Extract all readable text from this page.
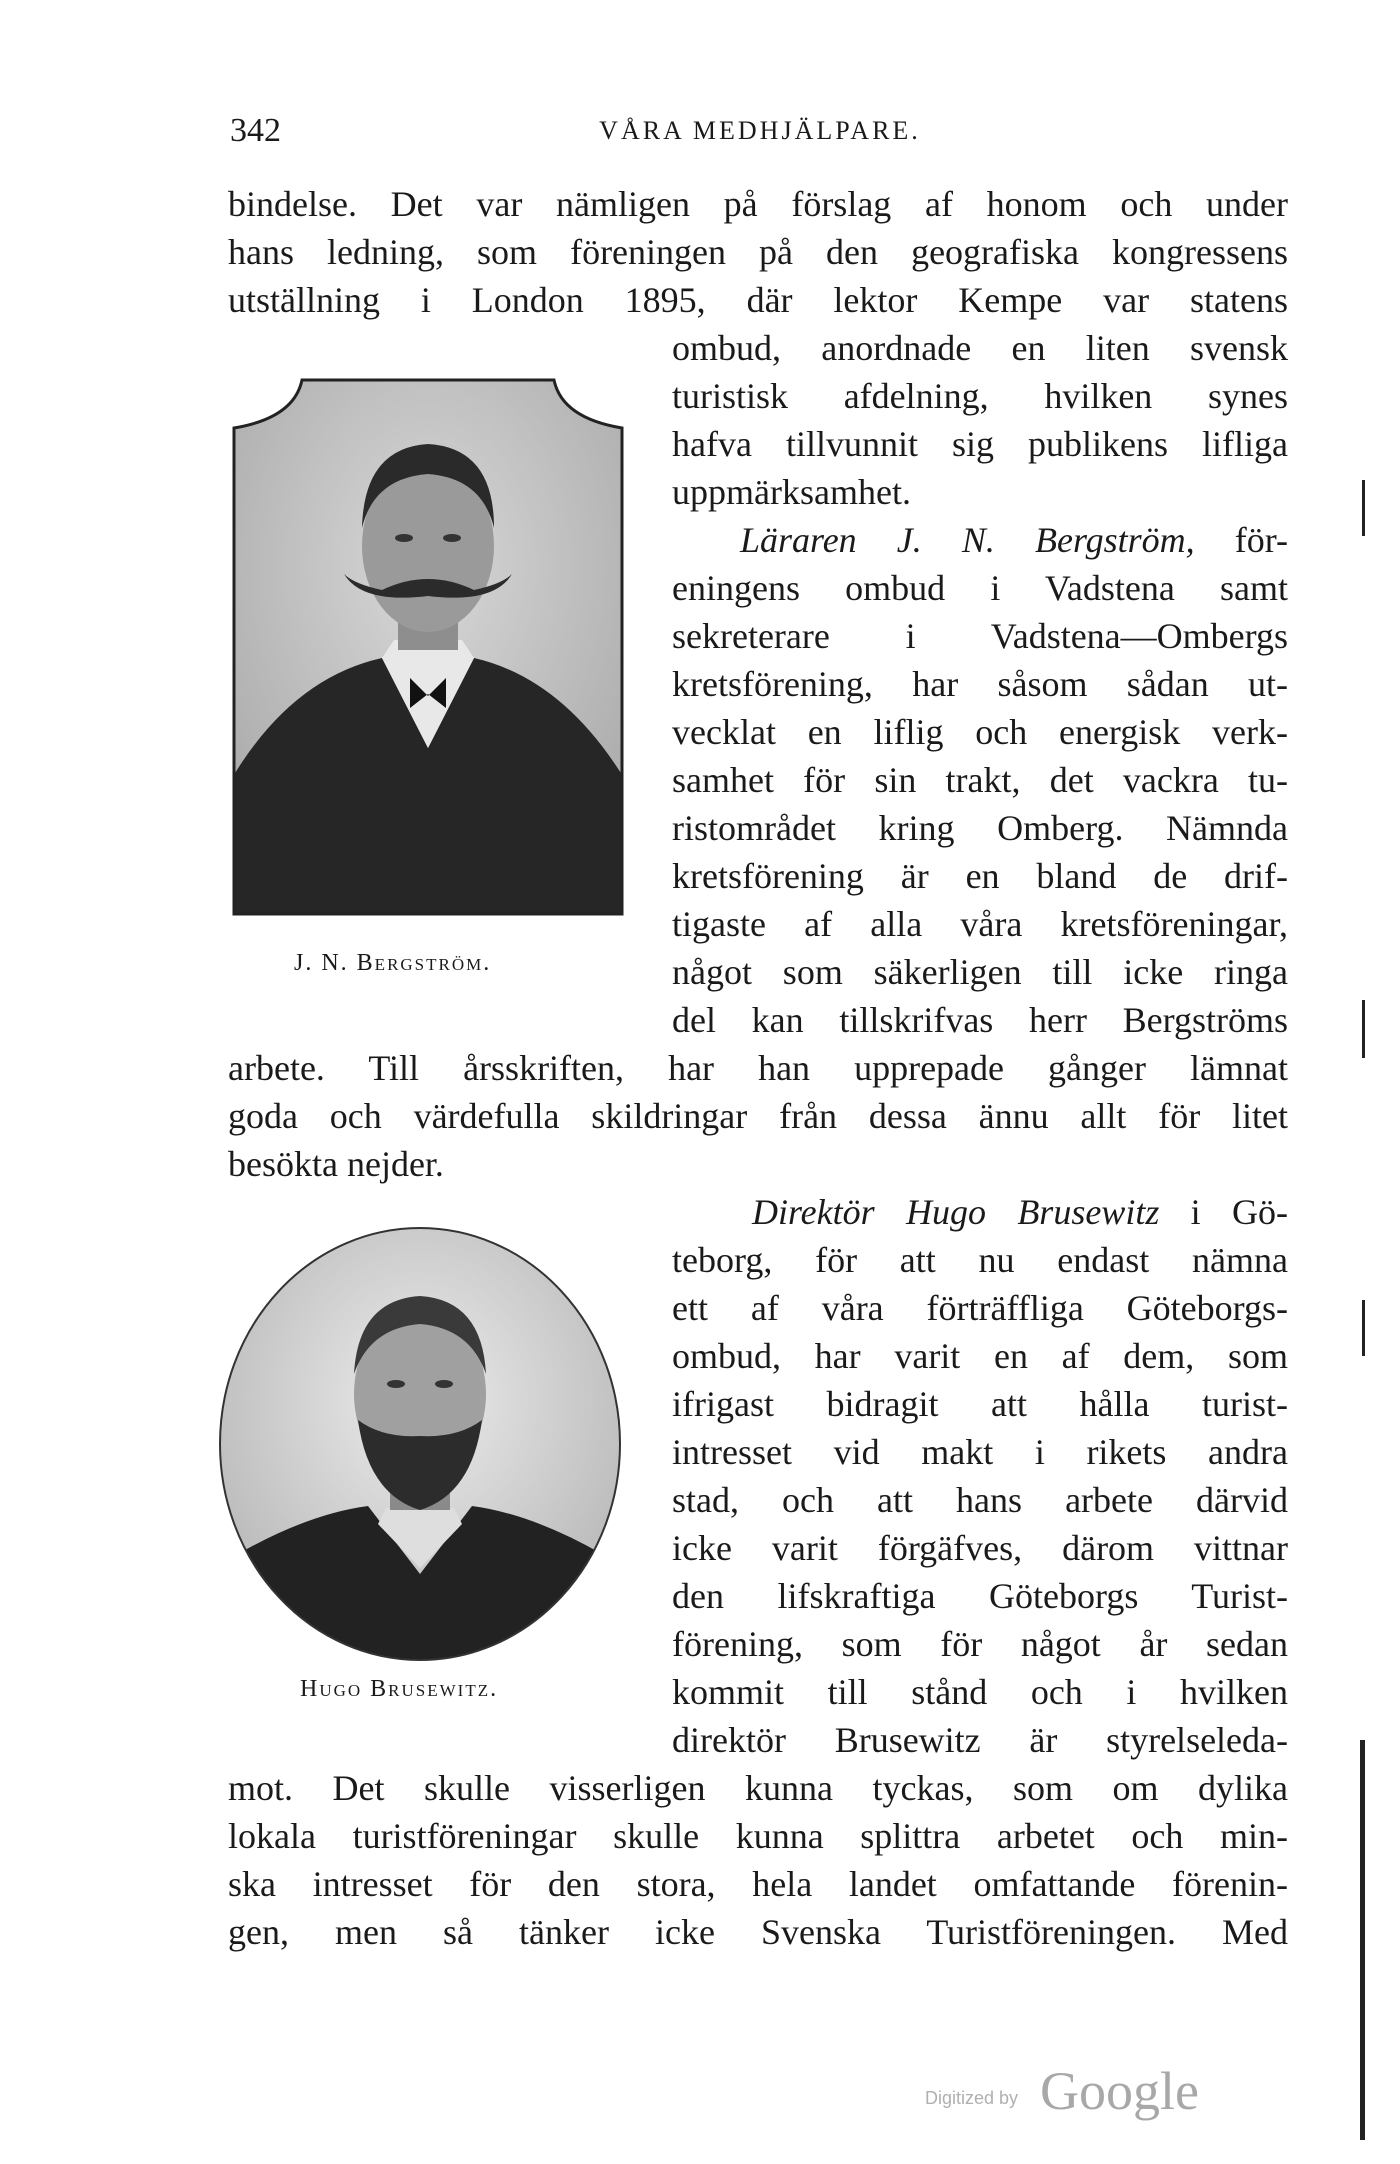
342	VÅRA MEDHJÄLPARE.
bindelse. Det var nämligen på förslag af honom och under
hans ledning, som föreningen på den geografiska kongressens
utställning i London 1895, där lektor Kempe var statens
ombud, anordnade en liten svensk
turistisk afdelning, hvilken synes
hafva tillvunnit sig publikens lifliga
uppmärksamhet.
Läraren J. N. Bergström, för-
eningens ombud i Vadstena samt
sekreterare i Vadstena—Ombergs
kretsförening, har såsom sådan ut-
vecklat en liflig och energisk verk-
samhet för sin trakt, det vackra tu-
ristområdet kring Omberg. Nämnda
kretsförening är en bland de drif-
tigaste af alla våra kretsföreningar,
något som säkerligen till icke ringa
del kan tillskrifvas herr Bergströms
arbete. Till årsskriften, har han upprepade gånger lämnat
goda och värdefulla skildringar från dessa ännu allt för litet
besökta nejder.
Direktör Hugo Brusewitz i Gö-
teborg, för att nu endast nämna
ett af våra förträffliga Göteborgs-
ombud, har varit en af dem, som
ifrigast bidragit att hålla turist-
intresset vid makt i rikets andra
stad, och att hans arbete därvid
icke varit förgäfves, därom vittnar
den lifskraftiga Göteborgs Turist-
förening, som för något år sedan
kommit till stånd och i hvilken
direktör Brusewitz är styrelseleda-
mot. Det skulle visserligen kunna tyckas, som om dylika
lokala turistföreningar skulle kunna splittra arbetet och min-
ska intresset för den stora, hela landet omfattande förenin-
gen, men så tänker icke Svenska Turistföreningen. Med
J. N. Bergström.
Hugo Brusewitz.
Digitized by Google
